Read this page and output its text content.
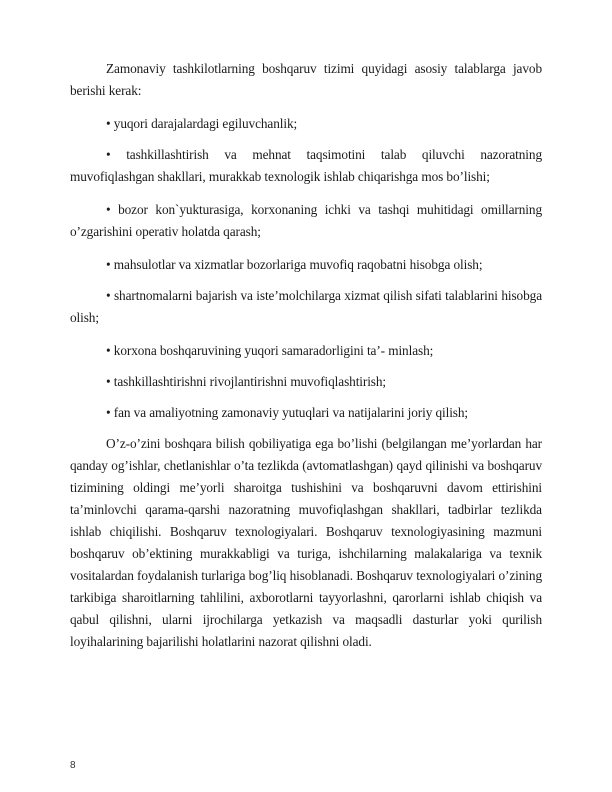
Zamonaviy tashkilotlarning boshqaruv tizimi quyidagi asosiy talablarga javob berishi kerak:

• yuqori darajalardagi egiluvchanlik;

• tashkillashtirish va mehnat taqsimotini talab qiluvchi nazoratning muvofiqlashgan shakllari, murakkab texnologik ishlab chiqarishga mos bo’lishi;

• bozor kon`yukturasiga, korxonaning ichki va tashqi muhitidagi omillarning o’zgarishini operativ holatda qarash;

• mahsulotlar va xizmatlar bozorlariga muvofiq raqobatni hisobga olish;

• shartnomalarni bajarish va iste’molchilarga xizmat qilish sifati talablarini hisobga olish;

• korxona boshqaruvining yuqori samaradorligini ta’- minlash;

• tashkillashtirishni rivojlantirishni muvofiqlashtirish;

• fan va amaliyotning zamonaviy yutuqlari va natijalarini joriy qilish;

O’z-o’zini boshqara bilish qobiliyatiga ega bo’lishi (belgilangan me’yorlardan har qanday og’ishlar, chetlanishlar o’ta tezlikda (avtomatlashgan) qayd qilinishi va boshqaruv tizimining oldingi me’yorli sharoitga tushishini va boshqaruvni davom ettirishini ta’minlovchi qarama-qarshi nazoratning muvofiqlashgan shakllari, tadbirlar tezlikda ishlab chiqilishi. Boshqaruv texnologiyalari. Boshqaruv texnologiyasining mazmuni boshqaruv ob’ektining murakkabligi va turiga, ishchilarning malakalariga va texnik vositalardan foydalanish turlariga bog’liq hisoblanadi. Boshqaruv texnologiyalari o’zining tarkibiga sharoitlarning tahlilini, axborotlarni tayyorlashni, qarorlarni ishlab chiqish va qabul qilishni, ularni ijrochilarga yetkazish va maqsadli dasturlar yoki qurilish loyihalarining bajarilishi holatlarini nazorat qilishni oladi.

8
